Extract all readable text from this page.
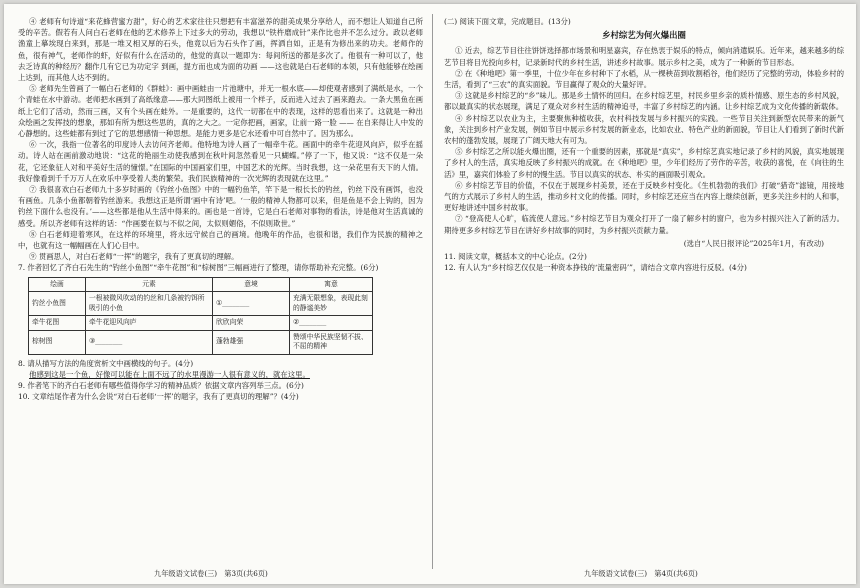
④ 老师有句诗道“来花蜂营蜜方甜”，好心的艺术家往往只想把有丰富滋养的甜美成果分享给人，而不想让人知道自己所受的辛苦。假若有人问白石老师在他的艺术修养上下过多大的劳动，我想以“铁杵磨成针”来作比也并不怎么过分。政以老师渔童上摹埃现白来到，那是一堆又相又厚的石头，他竟以后为石头作了画，挥洒自如，正是有为修出来的功夫。老师作的鱼，很有神气，老师作的虾，好似有什么在活动的，他觉的真以一题即为：每间所送的都是多次了。他很有一种可以了，他去乏诗真的种经历？翻作几有它已为功定字 到画，提方而也成为面的功画 ——这也就是白石老师的本领，只有他能够在绘画上达到，而其他人达不到的。

⑤ 老师先生曾画了一幅白石老师的《群蛙》：画中画蛙由一片池塘中，并无一根水底——却使观者感到了满纸是水，一个个青蛙在水中游动。老师把水画到了高纸缘意——那大同图纸上被用一个样子，反而进入过去了画来跑去。一条大黑鱼在画纸上它们了活动，然而三画，又有个头画在蛙外。一是重要的，这代一切都在中的表现，这样的思看出来了。这就是一种出众绘画之发挥技的想象，那如有所为想这些思的，真的之大之。一定你把画，画家，让前一路一脸 —— 在自来得让人中发的心静想的。这些蛙都有到过了它的思想感情一种思想。是能力更多是它水还看中可自然中了。因为那么。

⑥ 一次，我指一位著名的印度诗人去访问齐老师。他特地为诗人画了一幅牵牛花。画面中的牵牛花迎风向庐，似乎在摇动。诗人站在画前激动地说：“这花的艳丽生动使我感到在秋叶间忽然看见一只蝴蝶。”停了一下，他又说：“这不仅是一朵花，它还象征人对和平美好生活的憧憬。”在国际的中国画家们里，中国艺术的光辉。当时我想，这一朵花里有天下的人情。我好像看到千千万万人在欢乐中享受着人类的繁荣。我们民族精神的一次光辉的表现就在这里。”

⑦ 我很喜欢白石老师九十多岁时画的《钓丝小鱼图》中的一幅钓鱼竿，竿下是一根长长的钓丝，钓丝下没有画饵，也没有画鱼。几条小鱼都朝着钓丝游来。我想这正是所谓‘画中有诗’吧。‘一般的精神人物都可以来，但是鱼是不会上钩的，因为钓丝下面什么也没有。’——这些都是他从生活中得来的。画也是一首诗，它是白石老师对事物的看法，诗是他对生活真诚的感受。所以齐老师有这样的话：“作画要在似与不似之间，太似则媚俗，不似则欺世。”

⑧ 白石老师迎着寒风，在这样的环境里，将永远守候自己的画境。他晚年的作品，也很和谐，我们作为民族的精神之中，也就有这一幅幅画在人们心目中。

⑨ 贯画思人，对白石老师“一挥”的题字，我有了更真切的理解。

7. 作者回忆了齐白石先生的“钓丝小鱼图”“牵牛花图”和“棕树图”三幅画进行了整理，请你帮助补充完整。(6分)

绘画	元素	意境	寓意
钓丝小鱼图	一根被微风吹动的钓丝和几条被钓饵所吸引的小鱼	①________	充满无限想象，表现此刻的静谧美妙
牵牛花图	牵牛花迎风向庐	欣欣向荣	②________
棕树图	③________	蓬勃雄强	赞颂中华民族坚韧不拔、不屈的精神

8. 请从描写方法的角度赏析文中画横线的句子。(4分)

他感到这是一个鱼，好像可以能在上面不远了的水里漫游一人很有意义的，就在这里。

9. 作者笔下的齐白石老师有哪些值得你学习的精神品质？依据文章内容列举三点。(6分)

10. 文章结尾作者为什么会说“对白石老师‘一挥’的题字，我有了更真切的理解”？(4分)

(二) 阅读下面文章，完成题目。(13分)

乡村综艺为何火爆出圈

① 近去，综艺节目往往饼饼选择都市场景和明星嘉宾，存在热衷于娱乐的特点，倾向消遣娱乐。近年来，越来越多的综艺节目将目光投向乡村，记录新时代的乡村生活，讲述乡村故事。展示乡村之美，成为了一种新的节目形态。

② 在《种地吧》第一季里，十位少年在乡村种下了水稻，从一棵秧苗到收割稻谷，他们经历了完整的劳动，体验乡村的生活，看到了“三农”的真实面貌。节目赢得了观众的大量好评。

③ 这就是乡村综艺的“乡”味儿。那是乡土情怀的回归。在乡村综艺里，村民乡里乡亲的质朴情感、原生态的乡村风貌，都以最真实的状态展现，满足了观众对乡村生活的精神追寻，丰富了乡村综艺的内涵。让乡村综艺成为文化传播的新载体。

④ 乡村综艺以农业为主，主要聚焦种植收获，农村科技发展与乡村振兴的实践。一些节目关注到新型农民带来的新气象，关注到乡村产业发展，例如节目中展示乡村发展的新业态，比如农业、特色产业的新面貌，节目让人们看到了新时代新农村的蓬勃发展，展现了广阔天地大有可为。

⑤ 乡村综艺之所以能火爆出圈，还有一个重要的因素，那就是“真实”，乡村综艺真实地记录了乡村的风貌，真实地展现了乡村人的生活，真实地反映了乡村振兴的成就。在《种地吧》里，少年们经历了劳作的辛苦，收获的喜悦，在《向往的生活》里，嘉宾们体验了乡村的慢生活。节目以真实的状态、朴实的画面吸引观众。

⑥ 乡村综艺节目的价值，不仅在于展现乡村美景，还在于反映乡村变化。《生机勃勃的我们》打破“猎奇”滤镜，用接地气的方式展示了乡村人的生活，推动乡村文化的传播。同时，乡村综艺还应当在内容上继续创新，更多关注乡村的人和事，更好地讲述中国乡村故事。

⑦ “登高使人心旷，临流使人意远。”乡村综艺节目为观众打开了一扇了解乡村的窗户，也为乡村振兴注入了新的活力。期待更多乡村综艺节目在讲好乡村故事的同时，为乡村振兴贡献力量。

(选自“人民日报评论”2025年1月，有改动)

11. 阅读文章，概括本文的中心论点。(2分)

12. 有人认为“乡村综艺仅仅是一种资本挣钱的‘流量密码’”，请结合文章内容进行反驳。(4分)

九年级语文试卷(三)　第3页(共6页)	九年级语文试卷(三)　第4页(共6页)
